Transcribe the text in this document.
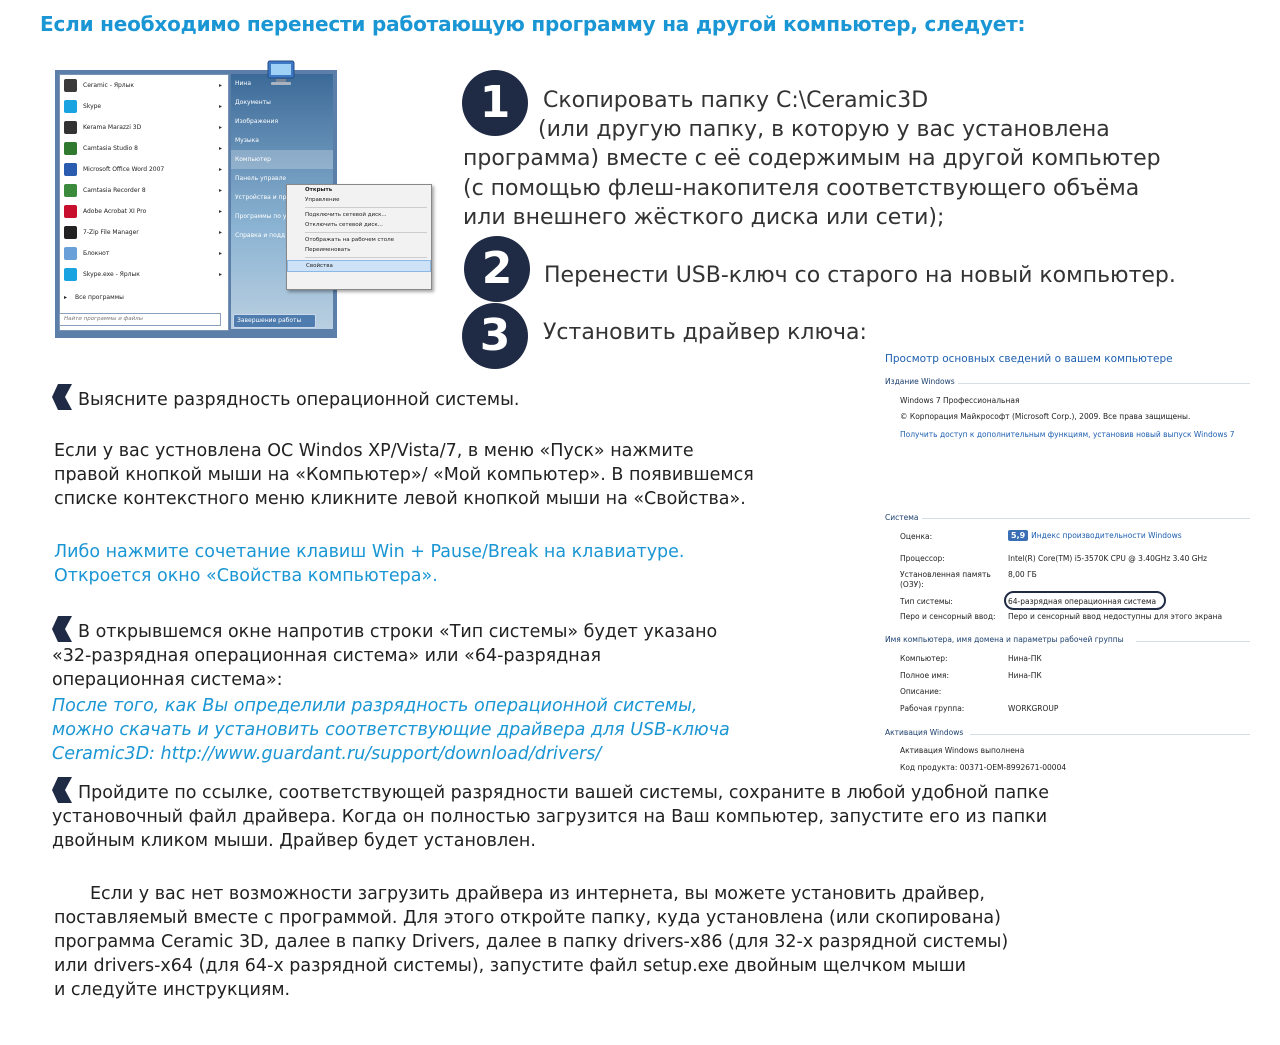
Если необходимо перенести работающую программу на другой компьютер, следует:
Ceramic - Ярлык	▸
Skype	▸
Kerama Marazzi 3D	▸
Camtasia Studio 8	▸
Microsoft Office Word 2007	▸
Camtasia Recorder 8	▸
Adobe Acrobat XI Pro	▸
7-Zip File Manager	▸
Блокнот	▸
Skype.exe - Ярлык	▸
▸ Все программы
Найти программы и файлы
Нина
Документы
Изображения
Музыка
Компьютер
Панель управле
Устройства и пр
Программы по у
Справка и подд
Завершение работы
Открыть
Управление
Подключить сетевой диск...
Отключить сетевой диск...
Отображать на рабочем столе
Переименовать
Свойства
1	Скопировать папку C:\Ceramic3D
(или другую папку, в которую у вас установлена
программа) вместе с её содержимым на другой компьютер
(с помощью флеш-накопителя соответствующего объёма
или внешнего жёсткого диска или сети);
2	Перенести USB-ключ со старого на новый компьютер.
3	Установить драйвер ключа:
Выясните разрядность операционной системы.
Если у вас устновлена ОС Windos XP/Vista/7, в меню «Пуск» нажмите
правой кнопкой мыши на «Компьютер»/ «Мой компьютер». В появившемся
списке контекстного меню кликните левой кнопкой мыши на «Свойства».
Либо нажмите сочетание клавиш Win + Pause/Break на клавиатуре.
Откроется окно «Свойства компьютера».
В открывшемся окне напротив строки «Тип системы» будет указано
«32-разрядная операционная система» или «64-разрядная
операционная система»:
После того, как Вы определили разрядность операционной системы,
можно скачать и установить соответствующие драйвера для USB-ключа
Ceramic3D: http://www.guardant.ru/support/download/drivers/
Пройдите по ссылке, соответствующей разрядности вашей системы, сохраните в любой удобной папке
установочный файл драйвера. Когда он полностью загрузится на Ваш компьютер, запустите его из папки
двойным кликом мыши. Драйвер будет установлен.
Если у вас нет возможности загрузить драйвера из интернета, вы можете установить драйвер,
поставляемый вместе с программой. Для этого откройте папку, куда установлена (или скопирована)
программа Ceramic 3D, далее в папку Drivers, далее в папку drivers-x86 (для 32-х разрядной системы)
или drivers-x64 (для 64-х разрядной системы), запустите файл setup.exe двойным щелчком мыши
и следуйте инструкциям.
Просмотр основных сведений о вашем компьютере
Издание Windows
Windows 7 Профессиональная
© Корпорация Майкрософт (Microsoft Corp.), 2009. Все права защищены.
Получить доступ к дополнительным функциям, установив новый выпуск Windows 7
Система
Оценка:	5,9 Индекс производительности Windows
Процессор:	Intel(R) Core(TM) i5-3570K CPU @ 3.40GHz 3.40 GHz
Установленная память (ОЗУ):
8,00 ГБ
Тип системы:	64-разрядная операционная система
Перо и сенсорный ввод: Перо и сенсорный ввод недоступны для этого экрана
Имя компьютера, имя домена и параметры рабочей группы
Компьютер:	Нина-ПК
Полное имя:	Нина-ПК
Описание:
Рабочая группа:	WORKGROUP
Активация Windows
Активация Windows выполнена
Код продукта: 00371-OEM-8992671-00004
